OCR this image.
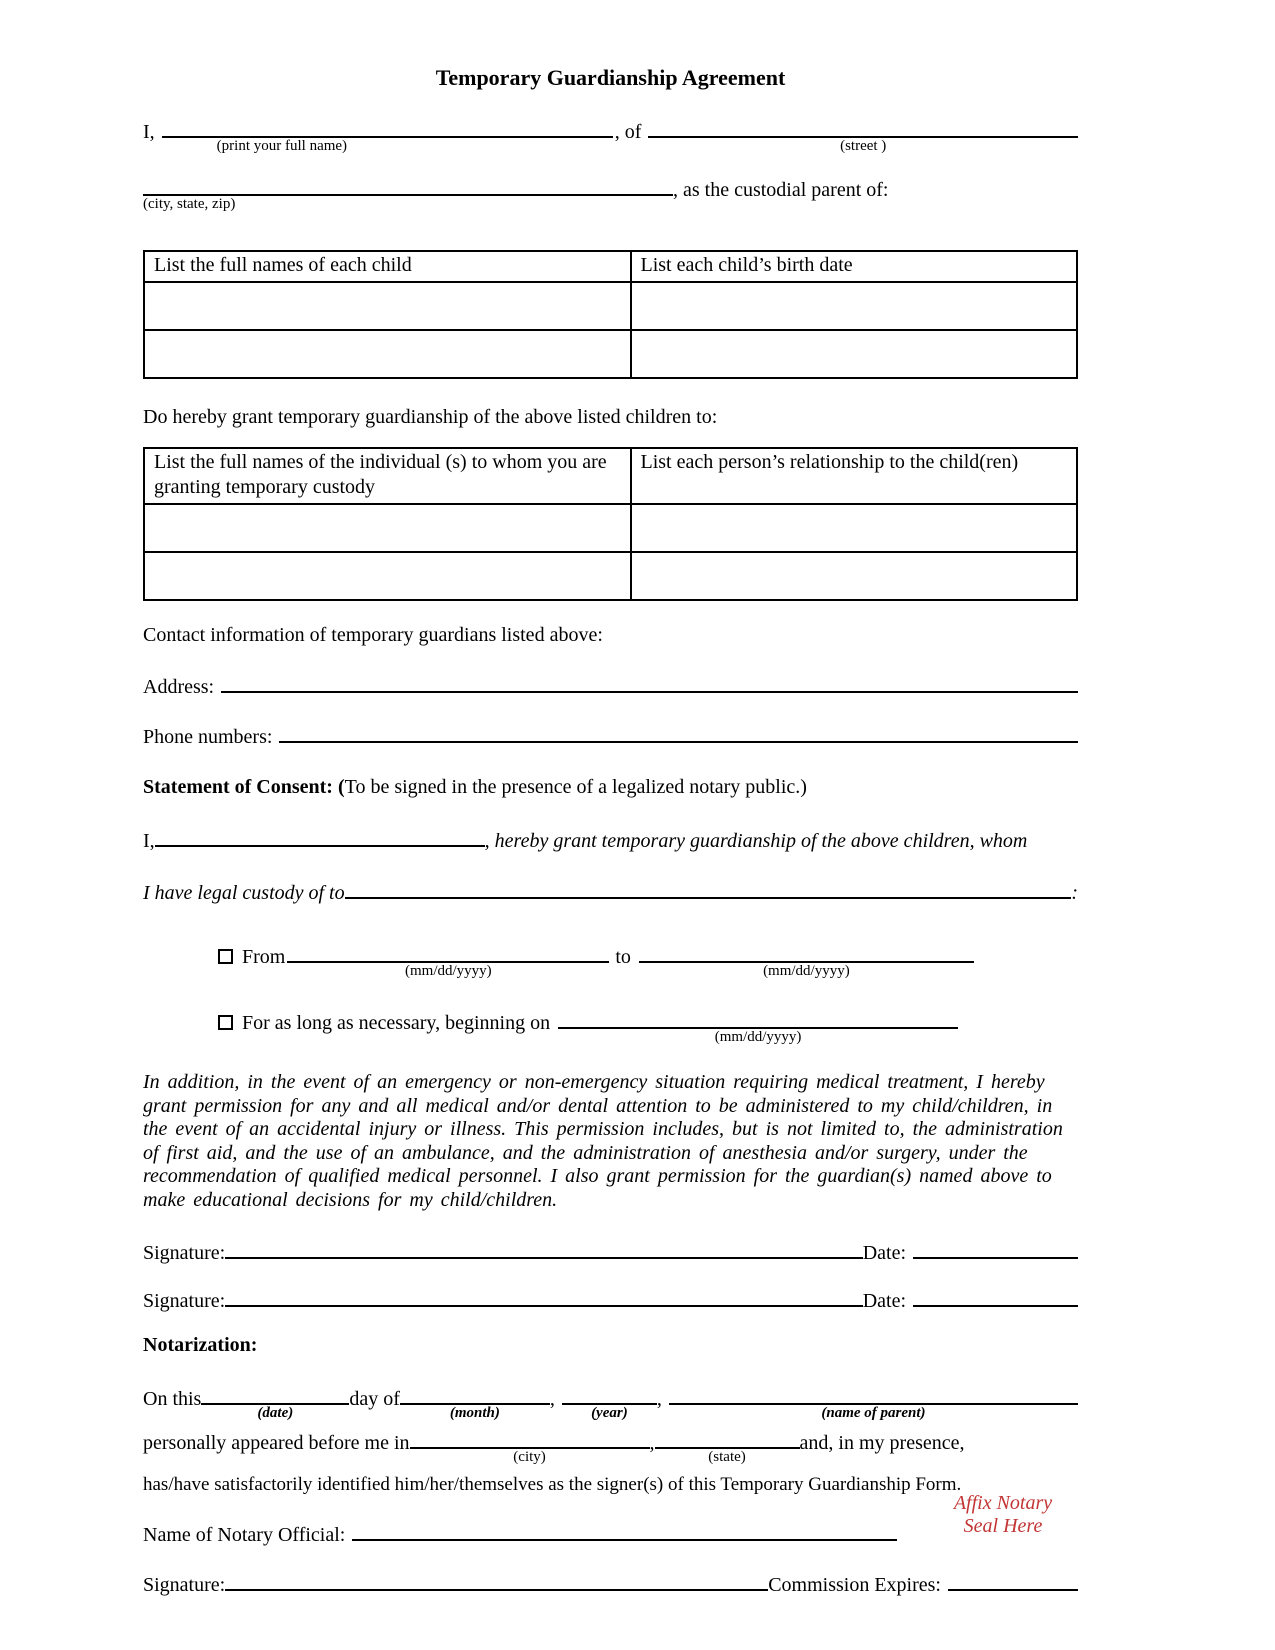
Temporary Guardianship Agreement
I,
(print your full name)
, of
(street )
(city, state, zip)
, as the custodial parent of:
List the full names of each child	List each child’s birth date

Do hereby grant temporary guardianship of the above listed children to:
List the full names of the individual (s) to whom you are granting temporary custody	List each person’s relationship to the child(ren)

Contact information of temporary guardians listed above:
Address:
Phone numbers:
Statement of Consent: (To be signed in the presence of a legalized notary public.)
I,	, hereby grant temporary guardianship of the above children, whom
I have legal custody of to	:
From
(mm/dd/yyyy)
to
(mm/dd/yyyy)
For as long as necessary, beginning on
(mm/dd/yyyy)

In addition, in the event of an emergency or non-emergency situation requiring medical treatment, I hereby grant permission for any and all medical and/or dental attention to be administered to my child/children, in the event of an accidental injury or illness. This permission includes, but is not limited to, the administration of first aid, and the use of an ambulance, and the administration of anesthesia and/or surgery, under the recommendation of qualified medical personnel. I also grant permission for the guardian(s) named above to make educational decisions for my child/children.

Signature:	Date:
Signature:	Date:
Notarization:
On this
(date)
day of
(month)
,
(year)
,
(name of parent)
personally appeared before me in
(city)
,
(state)
and, in my presence,
has/have satisfactorily identified him/her/themselves as the signer(s) of this Temporary Guardianship Form.
Name of Notary Official:
Affix Notary
Seal Here
Signature:	Commission Expires:
